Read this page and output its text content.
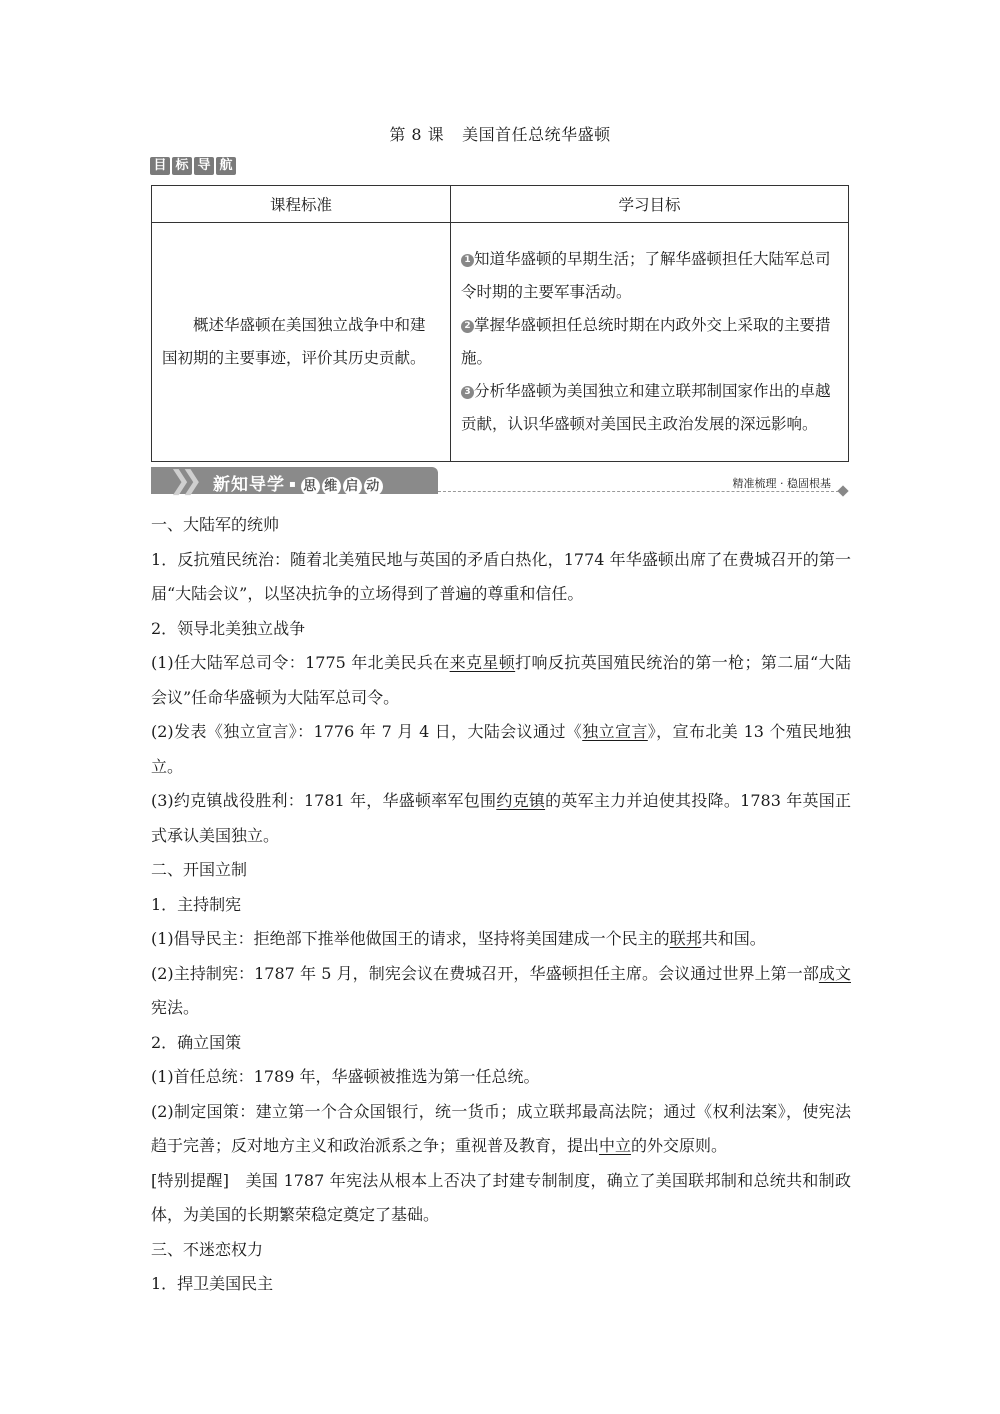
第 8 课 美国首任总统华盛顿
目 标 导 航
课程标准	学习目标

概述华盛顿在美国独立战争中和建国初期的主要事迹，评价其历史贡献。	1 知道华盛顿的早期生活；了解华盛顿担任大陆军总司令时期的主要军事活动。

2 掌握华盛顿担任总统时期在内政外交上采取的主要措施。

3 分析华盛顿为美国独立和建立联邦制国家作出的卓越贡献，认识华盛顿对美国民主政治发展的深远影响。

❯❯ 新知导学 ▪ 思 维 启 动	精准梳理 · 稳固根基

一、大陆军的统帅

1．反抗殖民统治：随着北美殖民地与英国的矛盾白热化，1774 年华盛顿出席了在费城召开的第一届“大陆会议”，以坚决抗争的立场得到了普遍的尊重和信任。

2．领导北美独立战争

(1)任大陆军总司令：1775 年北美民兵在来克星顿打响反抗英国殖民统治的第一枪；第二届“大陆会议”任命华盛顿为大陆军总司令。

(2)发表《独立宣言》：1776 年 7 月 4 日，大陆会议通过《独立宣言》，宣布北美 13 个殖民地独立。

(3)约克镇战役胜利：1781 年，华盛顿率军包围约克镇的英军主力并迫使其投降。1783 年英国正式承认美国独立。

二、开国立制

1．主持制宪

(1)倡导民主：拒绝部下推举他做国王的请求，坚持将美国建成一个民主的联邦共和国。

(2)主持制宪：1787 年 5 月，制宪会议在费城召开，华盛顿担任主席。会议通过世界上第一部成文宪法。

2．确立国策

(1)首任总统：1789 年，华盛顿被推选为第一任总统。

(2)制定国策：建立第一个合众国银行，统一货币；成立联邦最高法院；通过《权利法案》，使宪法趋于完善；反对地方主义和政治派系之争；重视普及教育，提出中立的外交原则。

[特别提醒]　美国 1787 年宪法从根本上否决了封建专制制度，确立了美国联邦制和总统共和制政体，为美国的长期繁荣稳定奠定了基础。

三、不迷恋权力

1．捍卫美国民主
